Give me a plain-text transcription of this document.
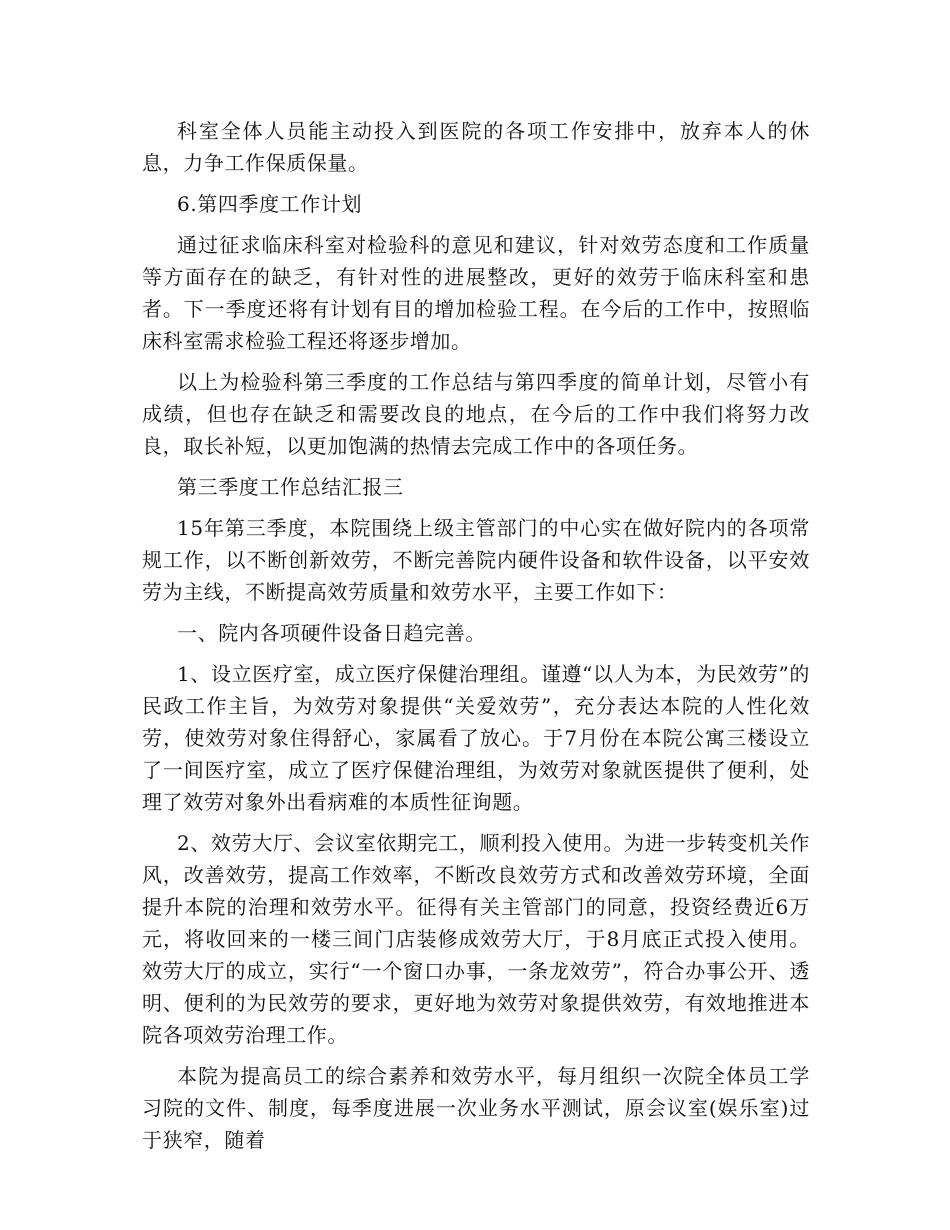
科室全体人员能主动投入到医院的各项工作安排中，放弃本人的休息，力争工作保质保量。

6.第四季度工作计划

通过征求临床科室对检验科的意见和建议，针对效劳态度和工作质量等方面存在的缺乏，有针对性的进展整改，更好的效劳于临床科室和患者。下一季度还将有计划有目的增加检验工程。在今后的工作中，按照临床科室需求检验工程还将逐步增加。

以上为检验科第三季度的工作总结与第四季度的简单计划，尽管小有成绩，但也存在缺乏和需要改良的地点，在今后的工作中我们将努力改良，取长补短，以更加饱满的热情去完成工作中的各项任务。

第三季度工作总结汇报三

15年第三季度，本院围绕上级主管部门的中心实在做好院内的各项常规工作，以不断创新效劳，不断完善院内硬件设备和软件设备，以平安效劳为主线，不断提高效劳质量和效劳水平，主要工作如下：

一、院内各项硬件设备日趋完善。

1、设立医疗室，成立医疗保健治理组。谨遵“以人为本，为民效劳”的民政工作主旨，为效劳对象提供“关爱效劳”，充分表达本院的人性化效劳，使效劳对象住得舒心，家属看了放心。于7月份在本院公寓三楼设立了一间医疗室，成立了医疗保健治理组，为效劳对象就医提供了便利，处理了效劳对象外出看病难的本质性征询题。

2、效劳大厅、会议室依期完工，顺利投入使用。为进一步转变机关作风，改善效劳，提高工作效率，不断改良效劳方式和改善效劳环境，全面提升本院的治理和效劳水平。征得有关主管部门的同意，投资经费近6万元，将收回来的一楼三间门店装修成效劳大厅，于8月底正式投入使用。效劳大厅的成立，实行“一个窗口办事，一条龙效劳”，符合办事公开、透明、便利的为民效劳的要求，更好地为效劳对象提供效劳，有效地推进本院各项效劳治理工作。

本院为提高员工的综合素养和效劳水平，每月组织一次院全体员工学习院的文件、制度，每季度进展一次业务水平测试，原会议室(娱乐室)过于狭窄，随着
